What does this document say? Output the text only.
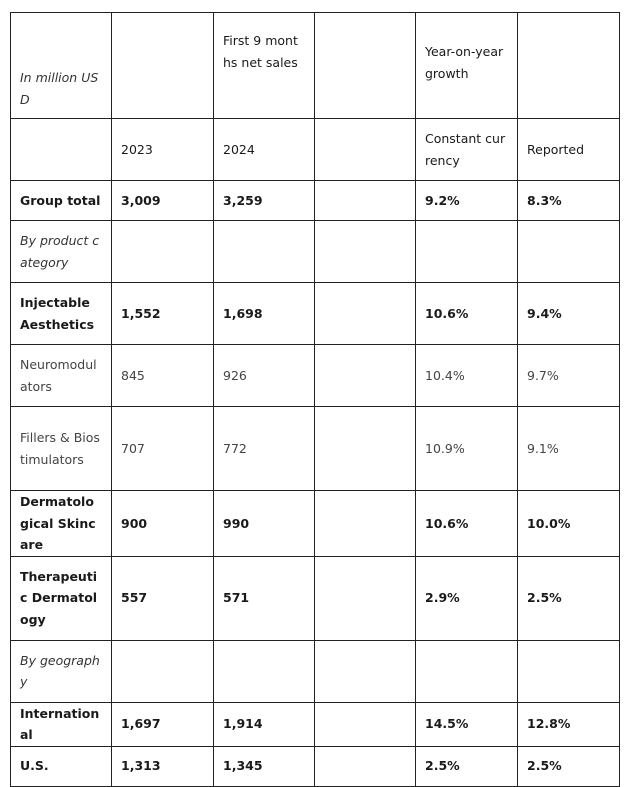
In million USD		First 9 months net sales		Year-on-year growth	
	2023	2024		Constant currency	Reported
Group total	3,009	3,259		9.2%	8.3%
By product category					
Injectable Aesthetics	1,552	1,698		10.6%	9.4%
Neuromodulators	845	926		10.4%	9.7%
Fillers & Biostimulators	707	772		10.9%	9.1%
Dermatological Skincare	900	990		10.6%	10.0%
Therapeutic Dermatology	557	571		2.9%	2.5%
By geography					
International	1,697	1,914		14.5%	12.8%
U.S.	1,313	1,345		2.5%	2.5%
